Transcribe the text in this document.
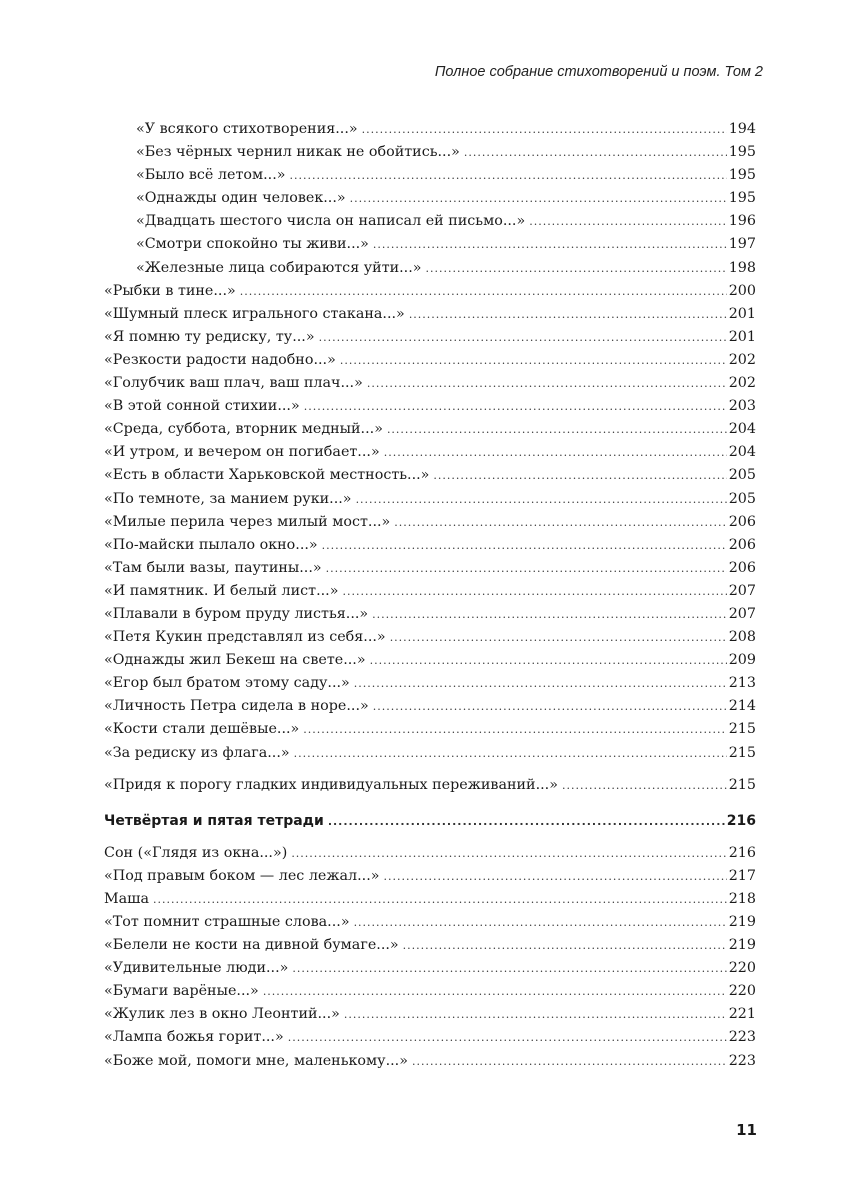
Полное собрание стихотворений и поэм. Том 2
«У всякого стихотворения...» .....	194
«Без чёрных чернил никак не обойтись...» .....	195
«Было всё летом...» .....	195
«Однажды один человек...» .....	195
«Двадцать шестого числа он написал ей письмо...» .....	196
«Смотри спокойно ты живи...» .....	197
«Железные лица собираются уйти...» .....	198
«Рыбки в тине...» .....	200
«Шумный плеск игрального стакана...» .....	201
«Я помню ту редиску, ту...» .....	201
«Резкости радости надобно...» .....	202
«Голубчик ваш плач, ваш плач...» .....	202
«В этой сонной стихии...» .....	203
«Среда, суббота, вторник медный...» .....	204
«И утром, и вечером он погибает...» .....	204
«Есть в области Харьковской местность...» .....	205
«По темноте, за манием руки...» .....	205
«Милые перила через милый мост...» .....	206
«По-майски пылало окно...» .....	206
«Там были вазы, паутины...» .....	206
«И памятник. И белый лист...» .....	207
«Плавали в буром пруду листья...» .....	207
«Петя Кукин представлял из себя...» .....	208
«Однажды жил Бекеш на свете...» .....	209
«Егор был братом этому саду...» .....	213
«Личность Петра сидела в норе...» .....	214
«Кости стали дешёвые...» .....	215
«За редиску из флага...» .....	215
«Придя к порогу гладких индивидуальных переживаний...» .....	215
Четвёртая и пятая тетради .....	216
Сон («Глядя из окна...») .....	216
«Под правым боком — лес лежал...» .....	217
Маша .....	218
«Тот помнит страшные слова...» .....	219
«Белели не кости на дивной бумаге...» .....	219
«Удивительные люди...» .....	220
«Бумаги варёные...» .....	220
«Жулик лез в окно Леонтий...» .....	221
«Лампа божья горит...» .....	223
«Боже мой, помоги мне, маленькому...» .....	223
11
